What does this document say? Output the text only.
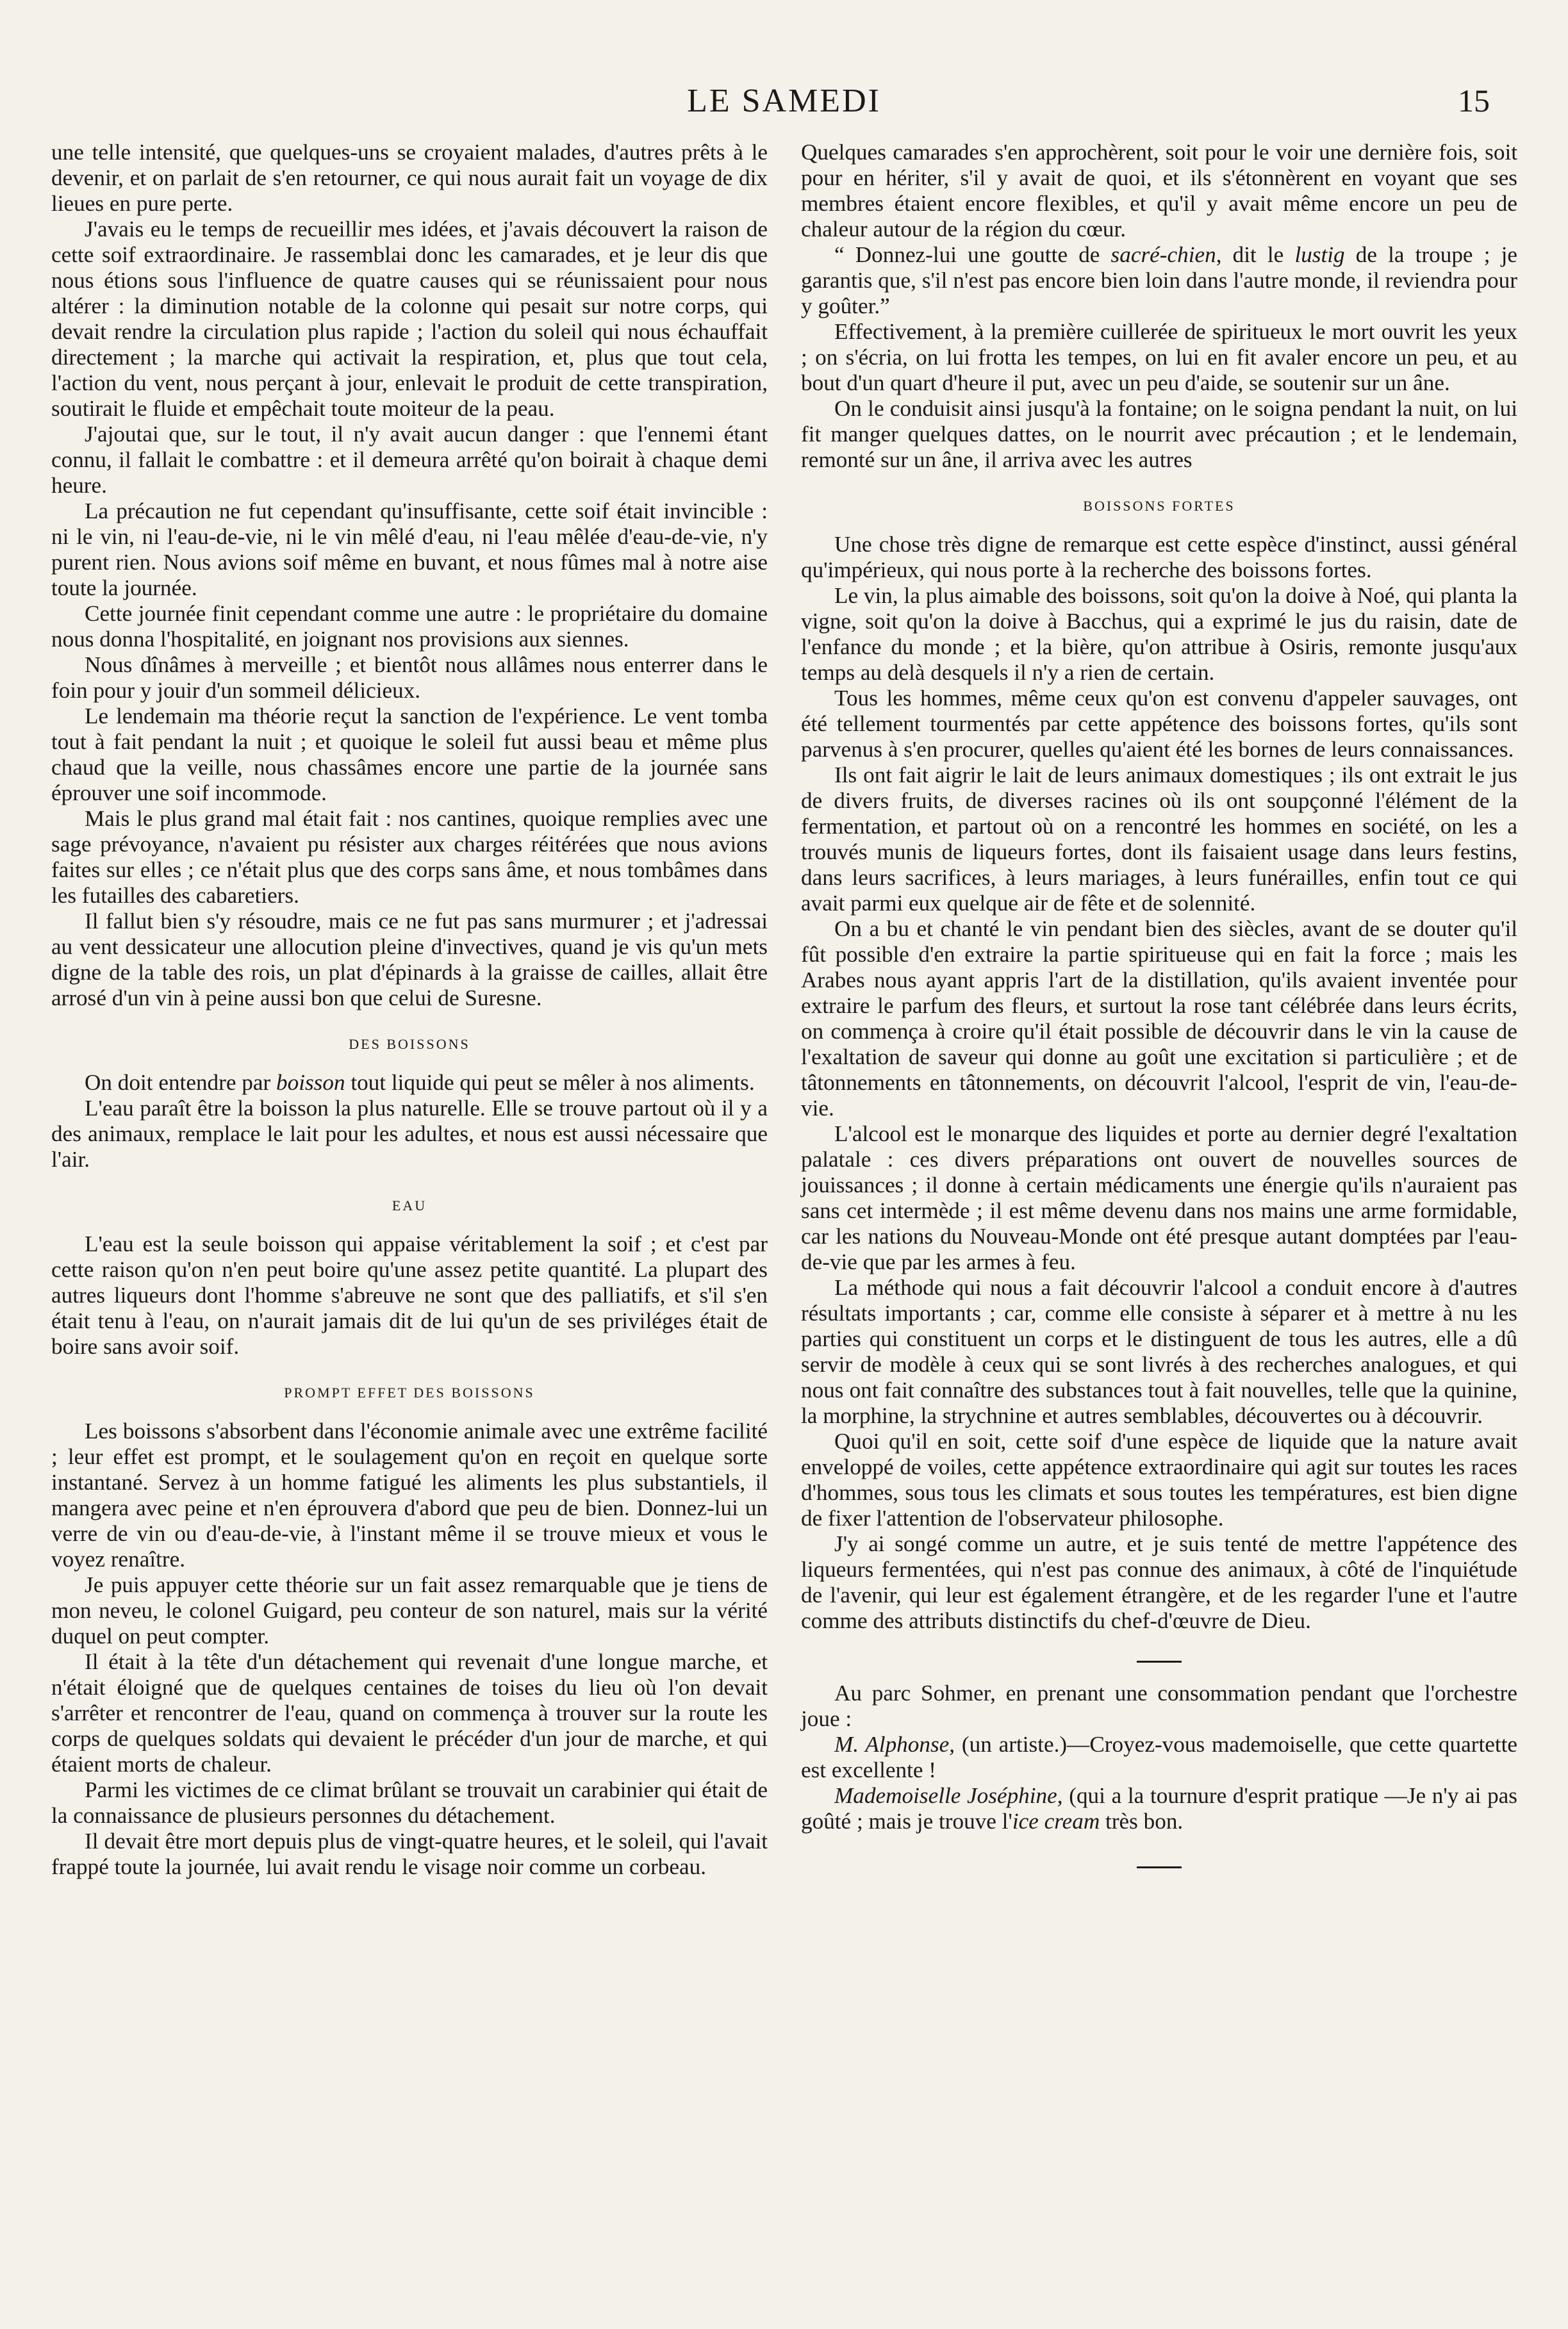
LE SAMEDI	15

une telle intensité, que quelques-uns se croyaient malades, d'autres prêts à le devenir, et on parlait de s'en retourner, ce qui nous aurait fait un voyage de dix lieues en pure perte.

J'avais eu le temps de recueillir mes idées, et j'avais découvert la raison de cette soif extraordinaire. Je rassemblai donc les camarades, et je leur dis que nous étions sous l'influence de quatre causes qui se réunissaient pour nous altérer : la diminution notable de la colonne qui pesait sur notre corps, qui devait rendre la circulation plus rapide ; l'action du soleil qui nous échauffait directement ; la marche qui activait la respiration, et, plus que tout cela, l'action du vent, nous perçant à jour, enlevait le produit de cette transpiration, soutirait le fluide et empêchait toute moiteur de la peau.

J'ajoutai que, sur le tout, il n'y avait aucun danger : que l'ennemi étant connu, il fallait le combattre : et il demeura arrêté qu'on boirait à chaque demi heure.

La précaution ne fut cependant qu'insuffisante, cette soif était invincible : ni le vin, ni l'eau-de-vie, ni le vin mêlé d'eau, ni l'eau mêlée d'eau-de-vie, n'y purent rien. Nous avions soif même en buvant, et nous fûmes mal à notre aise toute la journée.

Cette journée finit cependant comme une autre : le propriétaire du domaine nous donna l'hospitalité, en joignant nos provisions aux siennes.

Nous dînâmes à merveille ; et bientôt nous allâmes nous enterrer dans le foin pour y jouir d'un sommeil délicieux.

Le lendemain ma théorie reçut la sanction de l'expérience. Le vent tomba tout à fait pendant la nuit ; et quoique le soleil fut aussi beau et même plus chaud que la veille, nous chassâmes encore une partie de la journée sans éprouver une soif incommode.

Mais le plus grand mal était fait : nos cantines, quoique remplies avec une sage prévoyance, n'avaient pu résister aux charges réitérées que nous avions faites sur elles ; ce n'était plus que des corps sans âme, et nous tombâmes dans les futailles des cabaretiers.

Il fallut bien s'y résoudre, mais ce ne fut pas sans murmurer ; et j'adressai au vent dessicateur une allocution pleine d'invectives, quand je vis qu'un mets digne de la table des rois, un plat d'épinards à la graisse de cailles, allait être arrosé d'un vin à peine aussi bon que celui de Suresne.

DES BOISSONS

On doit entendre par boisson tout liquide qui peut se mêler à nos aliments.

L'eau paraît être la boisson la plus naturelle. Elle se trouve partout où il y a des animaux, remplace le lait pour les adultes, et nous est aussi nécessaire que l'air.

EAU

L'eau est la seule boisson qui appaise véritablement la soif ; et c'est par cette raison qu'on n'en peut boire qu'une assez petite quantité. La plupart des autres liqueurs dont l'homme s'abreuve ne sont que des palliatifs, et s'il s'en était tenu à l'eau, on n'aurait jamais dit de lui qu'un de ses priviléges était de boire sans avoir soif.

PROMPT EFFET DES BOISSONS

Les boissons s'absorbent dans l'économie animale avec une extrême facilité ; leur effet est prompt, et le soulagement qu'on en reçoit en quelque sorte instantané. Servez à un homme fatigué les aliments les plus substantiels, il mangera avec peine et n'en éprouvera d'abord que peu de bien. Donnez-lui un verre de vin ou d'eau-de-vie, à l'instant même il se trouve mieux et vous le voyez renaître.

Je puis appuyer cette théorie sur un fait assez remarquable que je tiens de mon neveu, le colonel Guigard, peu conteur de son naturel, mais sur la vérité duquel on peut compter.

Il était à la tête d'un détachement qui revenait d'une longue marche, et n'était éloigné que de quelques centaines de toises du lieu où l'on devait s'arrêter et rencontrer de l'eau, quand on commença à trouver sur la route les corps de quelques soldats qui devaient le précéder d'un jour de marche, et qui étaient morts de chaleur.

Parmi les victimes de ce climat brûlant se trouvait un carabinier qui était de la connaissance de plusieurs personnes du détachement.

Il devait être mort depuis plus de vingt-quatre heures, et le soleil, qui l'avait frappé toute la journée, lui avait rendu le visage noir comme un corbeau.

Quelques camarades s'en approchèrent, soit pour le voir une dernière fois, soit pour en hériter, s'il y avait de quoi, et ils s'étonnèrent en voyant que ses membres étaient encore flexibles, et qu'il y avait même encore un peu de chaleur autour de la région du cœur.

“ Donnez-lui une goutte de sacré-chien, dit le lustig de la troupe ; je garantis que, s'il n'est pas encore bien loin dans l'autre monde, il reviendra pour y goûter.”

Effectivement, à la première cuillerée de spiritueux le mort ouvrit les yeux ; on s'écria, on lui frotta les tempes, on lui en fit avaler encore un peu, et au bout d'un quart d'heure il put, avec un peu d'aide, se soutenir sur un âne.

On le conduisit ainsi jusqu'à la fontaine; on le soigna pendant la nuit, on lui fit manger quelques dattes, on le nourrit avec précaution ; et le lendemain, remonté sur un âne, il arriva avec les autres

BOISSONS FORTES

Une chose très digne de remarque est cette espèce d'instinct, aussi général qu'impérieux, qui nous porte à la recherche des boissons fortes.

Le vin, la plus aimable des boissons, soit qu'on la doive à Noé, qui planta la vigne, soit qu'on la doive à Bacchus, qui a exprimé le jus du raisin, date de l'enfance du monde ; et la bière, qu'on attribue à Osiris, remonte jusqu'aux temps au delà desquels il n'y a rien de certain.

Tous les hommes, même ceux qu'on est convenu d'appeler sauvages, ont été tellement tourmentés par cette appétence des boissons fortes, qu'ils sont parvenus à s'en procurer, quelles qu'aient été les bornes de leurs connaissances.

Ils ont fait aigrir le lait de leurs animaux domestiques ; ils ont extrait le jus de divers fruits, de diverses racines où ils ont soupçonné l'élément de la fermentation, et partout où on a rencontré les hommes en société, on les a trouvés munis de liqueurs fortes, dont ils faisaient usage dans leurs festins, dans leurs sacrifices, à leurs mariages, à leurs funérailles, enfin tout ce qui avait parmi eux quelque air de fête et de solennité.

On a bu et chanté le vin pendant bien des siècles, avant de se douter qu'il fût possible d'en extraire la partie spiritueuse qui en fait la force ; mais les Arabes nous ayant appris l'art de la distillation, qu'ils avaient inventée pour extraire le parfum des fleurs, et surtout la rose tant célébrée dans leurs écrits, on commença à croire qu'il était possible de découvrir dans le vin la cause de l'exaltation de saveur qui donne au goût une excitation si particulière ; et de tâtonnements en tâtonnements, on découvrit l'alcool, l'esprit de vin, l'eau-de-vie.

L'alcool est le monarque des liquides et porte au dernier degré l'exaltation palatale : ces divers préparations ont ouvert de nouvelles sources de jouissances ; il donne à certain médicaments une énergie qu'ils n'auraient pas sans cet intermède ; il est même devenu dans nos mains une arme formidable, car les nations du Nouveau-Monde ont été presque autant domptées par l'eau-de-vie que par les armes à feu.

La méthode qui nous a fait découvrir l'alcool a conduit encore à d'autres résultats importants ; car, comme elle consiste à séparer et à mettre à nu les parties qui constituent un corps et le distinguent de tous les autres, elle a dû servir de modèle à ceux qui se sont livrés à des recherches analogues, et qui nous ont fait connaître des substances tout à fait nouvelles, telle que la quinine, la morphine, la strychnine et autres semblables, découvertes ou à découvrir.

Quoi qu'il en soit, cette soif d'une espèce de liquide que la nature avait enveloppé de voiles, cette appétence extraordinaire qui agit sur toutes les races d'hommes, sous tous les climats et sous toutes les températures, est bien digne de fixer l'attention de l'observateur philosophe.

J'y ai songé comme un autre, et je suis tenté de mettre l'appétence des liqueurs fermentées, qui n'est pas connue des animaux, à côté de l'inquiétude de l'avenir, qui leur est également étrangère, et de les regarder l'une et l'autre comme des attributs distinctifs du chef-d'œuvre de Dieu.

Au parc Sohmer, en prenant une consommation pendant que l'orchestre joue :

M. Alphonse, (un artiste.)—Croyez-vous mademoiselle, que cette quartette est excellente !

Mademoiselle Joséphine, (qui a la tournure d'esprit pratique —Je n'y ai pas goûté ; mais je trouve l'ice cream très bon.
